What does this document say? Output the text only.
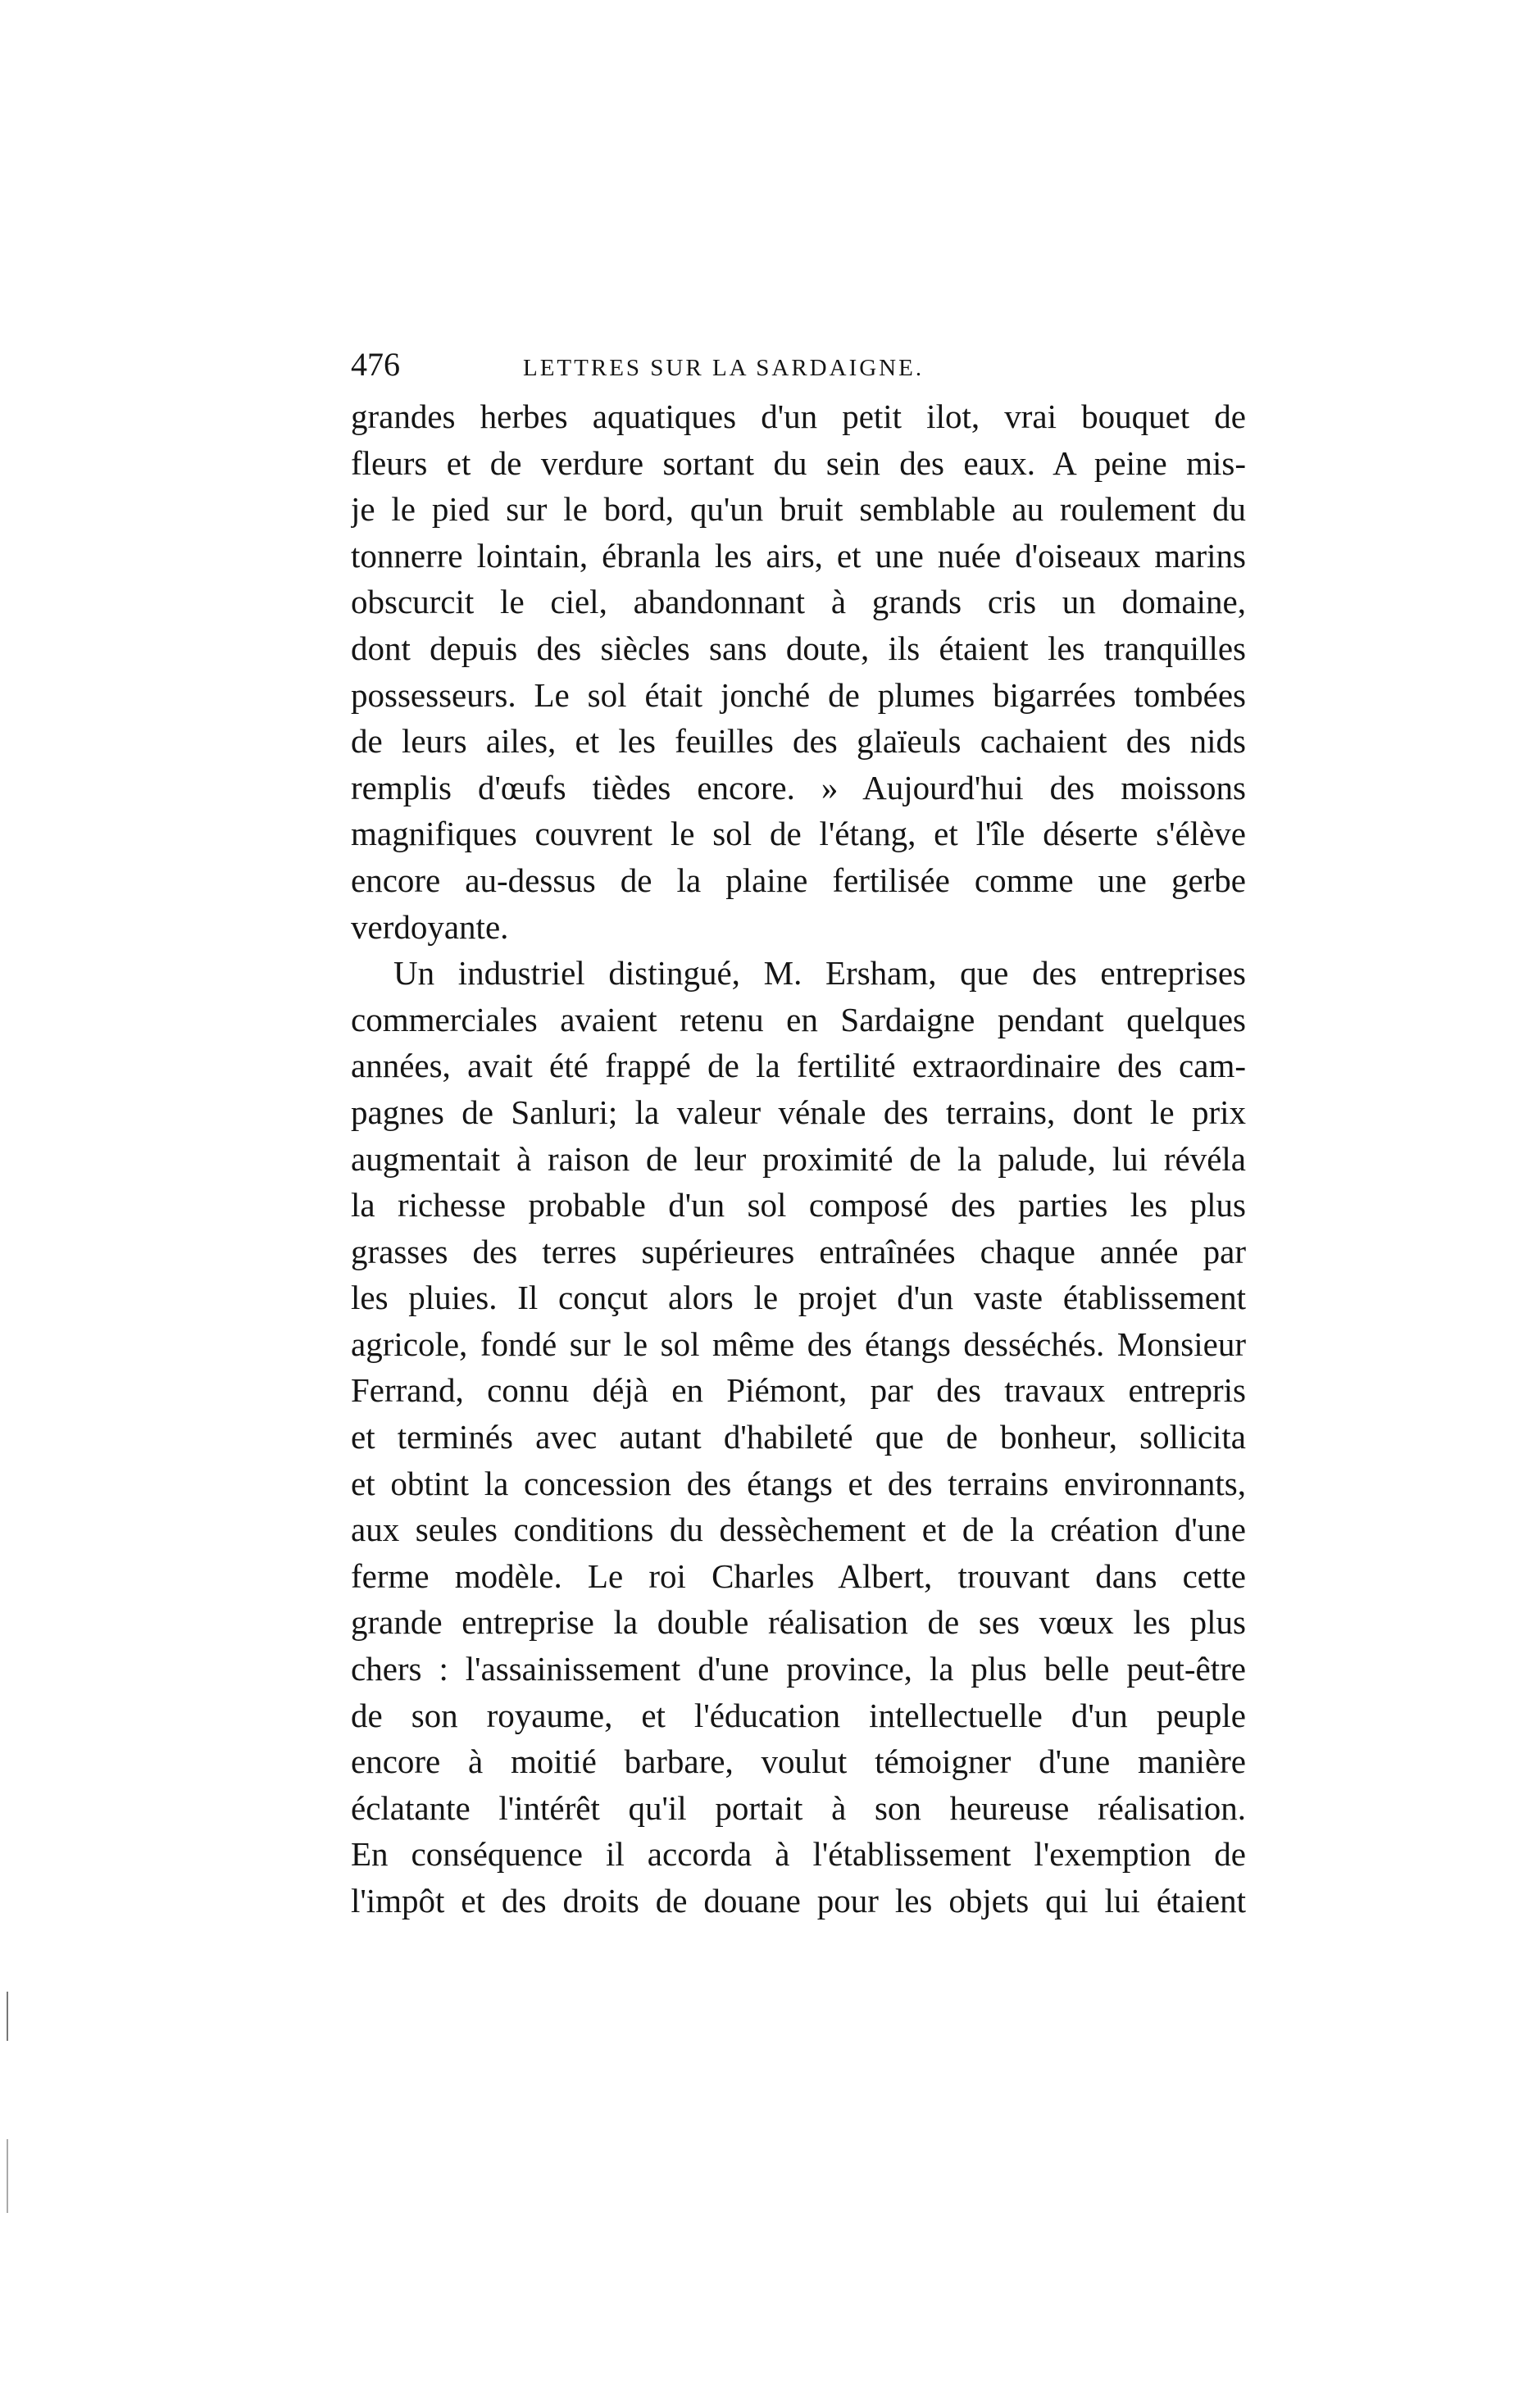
476	LETTRES SUR LA SARDAIGNE.
grandes herbes aquatiques d'un petit ilot, vrai bouquet de
fleurs et de verdure sortant du sein des eaux. A peine mis-
je le pied sur le bord, qu'un bruit semblable au roulement du
tonnerre lointain, ébranla les airs, et une nuée d'oiseaux marins
obscurcit le ciel, abandonnant à grands cris un domaine,
dont depuis des siècles sans doute, ils étaient les tranquilles
possesseurs. Le sol était jonché de plumes bigarrées tombées
de leurs ailes, et les feuilles des glaïeuls cachaient des nids
remplis d'œufs tièdes encore. » Aujourd'hui des moissons
magnifiques couvrent le sol de l'étang, et l'île déserte s'élève
encore au-dessus de la plaine fertilisée comme une gerbe
verdoyante.
Un industriel distingué, M. Ersham, que des entreprises
commerciales avaient retenu en Sardaigne pendant quelques
années, avait été frappé de la fertilité extraordinaire des cam-
pagnes de Sanluri; la valeur vénale des terrains, dont le prix
augmentait à raison de leur proximité de la palude, lui révéla
la richesse probable d'un sol composé des parties les plus
grasses des terres supérieures entraînées chaque année par
les pluies. Il conçut alors le projet d'un vaste établissement
agricole, fondé sur le sol même des étangs desséchés. Monsieur
Ferrand, connu déjà en Piémont, par des travaux entrepris
et terminés avec autant d'habileté que de bonheur, sollicita
et obtint la concession des étangs et des terrains environnants,
aux seules conditions du dessèchement et de la création d'une
ferme modèle. Le roi Charles Albert, trouvant dans cette
grande entreprise la double réalisation de ses vœux les plus
chers : l'assainissement d'une province, la plus belle peut-être
de son royaume, et l'éducation intellectuelle d'un peuple
encore à moitié barbare, voulut témoigner d'une manière
éclatante l'intérêt qu'il portait à son heureuse réalisation.
En conséquence il accorda à l'établissement l'exemption de
l'impôt et des droits de douane pour les objets qui lui étaient
